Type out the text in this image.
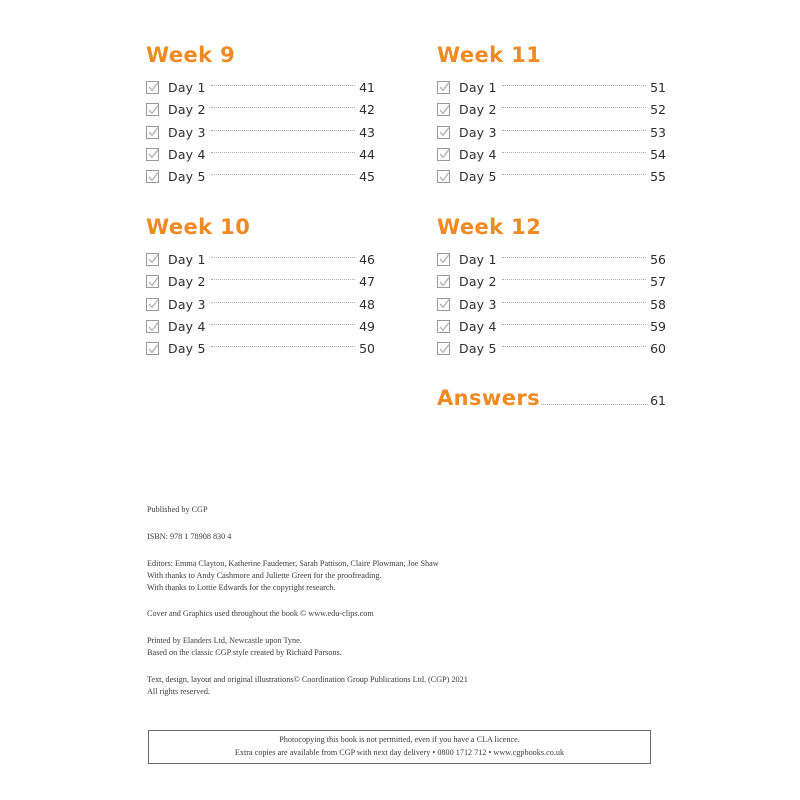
Week 9
Day 1	41
Day 2	42
Day 3	43
Day 4	44
Day 5	45
Week 10
Day 1	46
Day 2	47
Day 3	48
Day 4	49
Day 5	50
Week 11
Day 1	51
Day 2	52
Day 3	53
Day 4	54
Day 5	55
Week 12
Day 1	56
Day 2	57
Day 3	58
Day 4	59
Day 5	60
Answers	61

Published by CGP

ISBN: 978 1 78908 830 4

Editors: Emma Clayton, Katherine Faudemer, Sarah Pattison, Claire Plowman, Joe Shaw

With thanks to Andy Cashmore and Juliette Green for the proofreading.

With thanks to Lottie Edwards for the copyright research.

Cover and Graphics used throughout the book © www.edu-clips.com

Printed by Elanders Ltd, Newcastle upon Tyne.

Based on the classic CGP style created by Richard Parsons.

Text, design, layout and original illustrations© Coordination Group Publications Ltd. (CGP) 2021

All rights reserved.

Photocopying this book is not permitted, even if you have a CLA licence.

Extra copies are available from CGP with next day delivery • 0800 1712 712 • www.cgpbooks.co.uk
